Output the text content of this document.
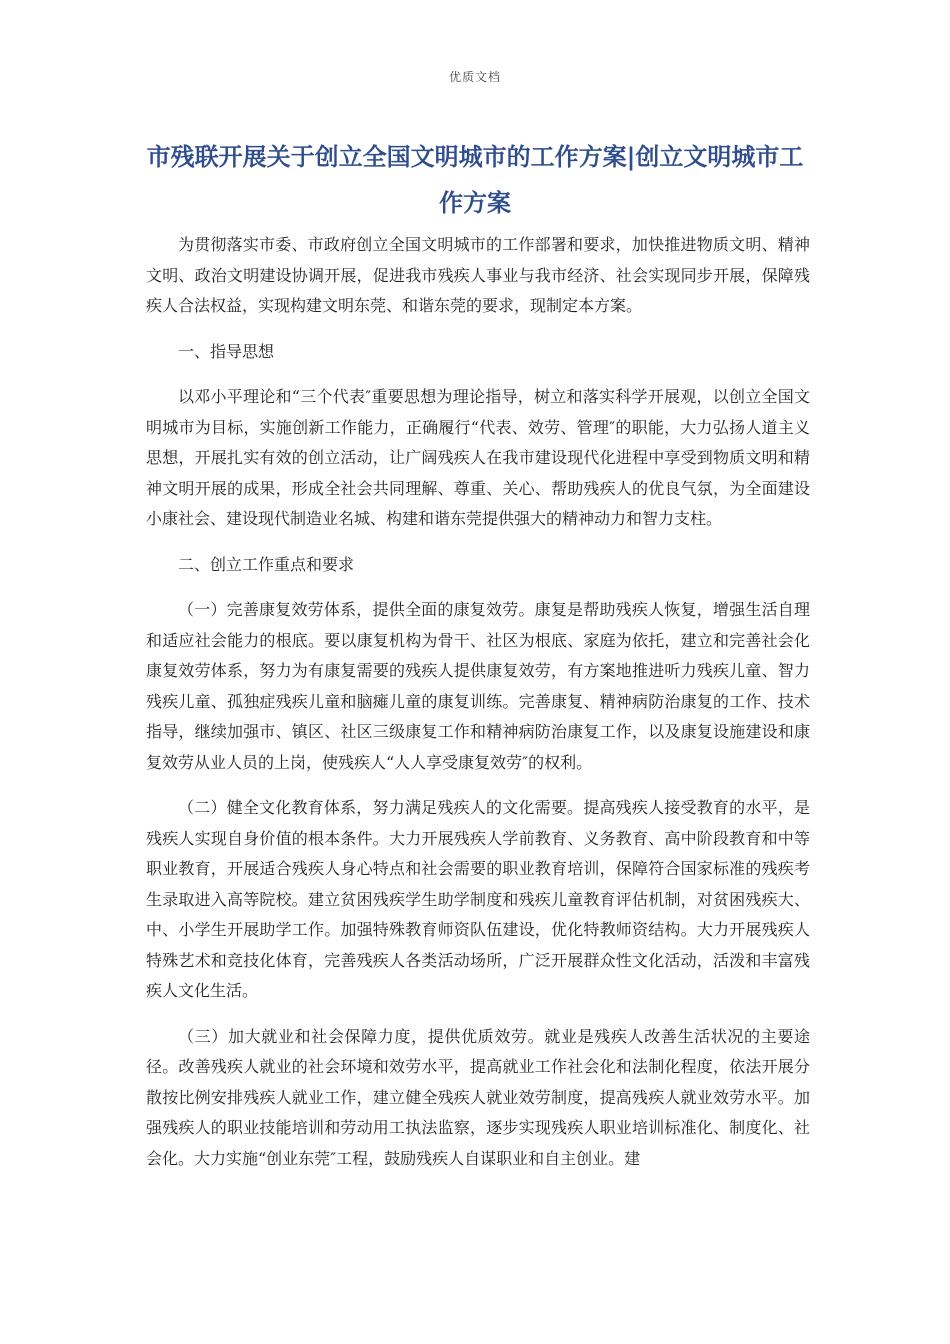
优质文档
市残联开展关于创立全国文明城市的工作方案|创立文明城市工作方案

为贯彻落实市委、市政府创立全国文明城市的工作部署和要求，加快推进物质文明、精神文明、政治文明建设协调开展，促进我市残疾人事业与我市经济、社会实现同步开展，保障残疾人合法权益，实现构建文明东莞、和谐东莞的要求，现制定本方案。

一、指导思想

以邓小平理论和“三个代表″重要思想为理论指导，树立和落实科学开展观，以创立全国文明城市为目标，实施创新工作能力，正确履行“代表、效劳、管理″的职能，大力弘扬人道主义思想，开展扎实有效的创立活动，让广阔残疾人在我市建设现代化进程中享受到物质文明和精神文明开展的成果，形成全社会共同理解、尊重、关心、帮助残疾人的优良气氛，为全面建设小康社会、建设现代制造业名城、构建和谐东莞提供强大的精神动力和智力支柱。

二、创立工作重点和要求

（一）完善康复效劳体系，提供全面的康复效劳。康复是帮助残疾人恢复，增强生活自理和适应社会能力的根底。要以康复机构为骨干、社区为根底、家庭为依托，建立和完善社会化康复效劳体系，努力为有康复需要的残疾人提供康复效劳，有方案地推进听力残疾儿童、智力残疾儿童、孤独症残疾儿童和脑瘫儿童的康复训练。完善康复、精神病防治康复的工作、技术指导，继续加强市、镇区、社区三级康复工作和精神病防治康复工作，以及康复设施建设和康复效劳从业人员的上岗，使残疾人“人人享受康复效劳″的权利。

（二）健全文化教育体系，努力满足残疾人的文化需要。提高残疾人接受教育的水平，是残疾人实现自身价值的根本条件。大力开展残疾人学前教育、义务教育、高中阶段教育和中等职业教育，开展适合残疾人身心特点和社会需要的职业教育培训，保障符合国家标准的残疾考生录取进入高等院校。建立贫困残疾学生助学制度和残疾儿童教育评估机制，对贫困残疾大、中、小学生开展助学工作。加强特殊教育师资队伍建设，优化特教师资结构。大力开展残疾人特殊艺术和竞技化体育，完善残疾人各类活动场所，广泛开展群众性文化活动，活泼和丰富残疾人文化生活。

（三）加大就业和社会保障力度，提供优质效劳。就业是残疾人改善生活状况的主要途径。改善残疾人就业的社会环境和效劳水平，提高就业工作社会化和法制化程度，依法开展分散按比例安排残疾人就业工作，建立健全残疾人就业效劳制度，提高残疾人就业效劳水平。加强残疾人的职业技能培训和劳动用工执法监察，逐步实现残疾人职业培训标准化、制度化、社会化。大力实施“创业东莞″工程，鼓励残疾人自谋职业和自主创业。建
